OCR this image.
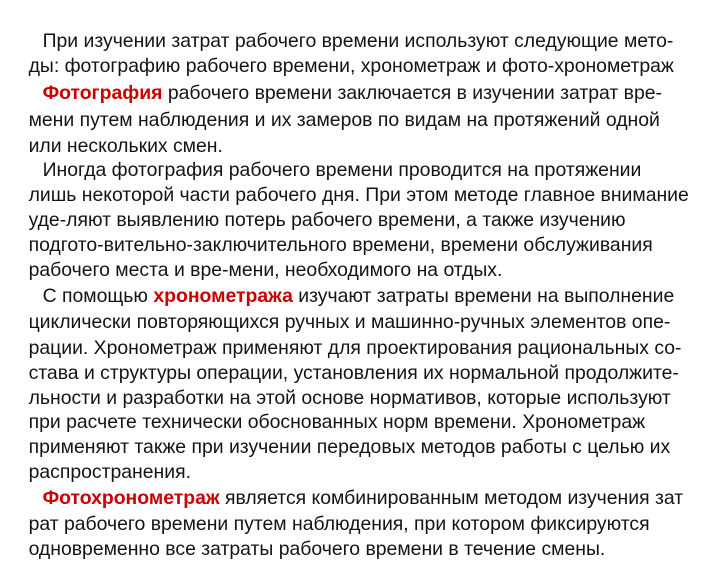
При изучении затрат рабочего времени используют следующие мето-

ды: фотографию рабочего времени, хронометраж и фото-хронометраж

Фотография рабочего времени заключается в изучении затрат вре-

мени путем наблюдения и их замеров по видам на протяжений одной

или нескольких смен.

Иногда фотография рабочего времени проводится на протяжении

лишь некоторой части рабочего дня. При этом методе главное внимание

уде-ляют выявлению потерь рабочего времени, а также изучению

подгото-вительно-заключительного времени, времени обслуживания

рабочего места и вре-мени, необходимого на отдых.

С помощью хронометража изучают затраты времени на выполнение

циклически повторяющихся ручных и машинно-ручных элементов опе-

рации. Хронометраж применяют для проектирования рациональных со-

става и структуры операции, установления их нормальной продолжите-

льности и разработки на этой основе нормативов, которые используют

при расчете технически обоснованных норм времени. Хронометраж

применяют также при изучении передовых методов работы с целью их

распространения.

Фотохронометраж является комбинированным методом изучения зат

рат рабочего времени путем наблюдения, при котором фиксируются

одновременно все затраты рабочего времени в течение смены.
